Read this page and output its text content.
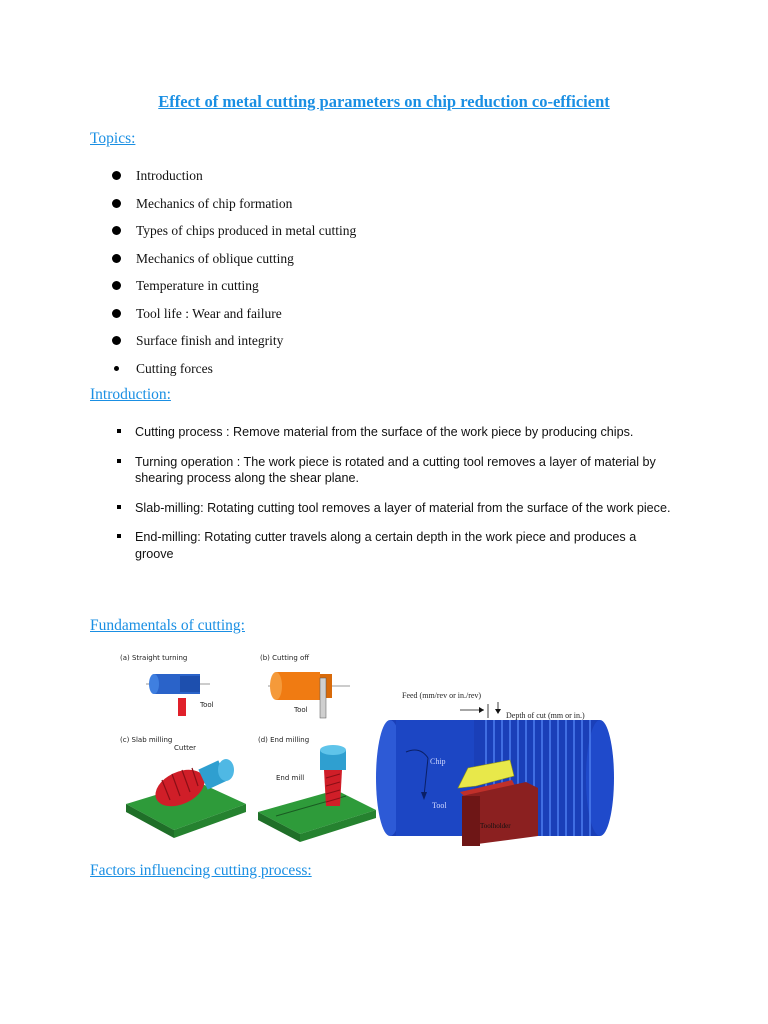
Effect of metal cutting parameters on chip reduction co-efficient
Topics:
Introduction
Mechanics of chip formation
Types of chips produced in metal cutting
Mechanics of oblique cutting
Temperature in cutting
Tool life : Wear and failure
Surface finish and integrity
Cutting forces
Introduction:
Cutting process : Remove material from the surface of the work piece by producing chips.
Turning operation : The work piece is rotated and a cutting tool removes a layer of material by shearing process along the shear plane.
Slab-milling: Rotating cutting tool removes a layer of material from the surface of the work piece.
End-milling: Rotating cutter travels along a certain depth in the work piece and produces a groove
Fundamentals of cutting:
(a) Straight turning
Tool
(b) Cutting off
Tool
(c) Slab milling
Cutter
(d) End milling
End mill
Feed (mm/rev or in./rev)
Depth of cut (mm or in.)
Chip
Tool
Toolholder
Factors influencing cutting process:
